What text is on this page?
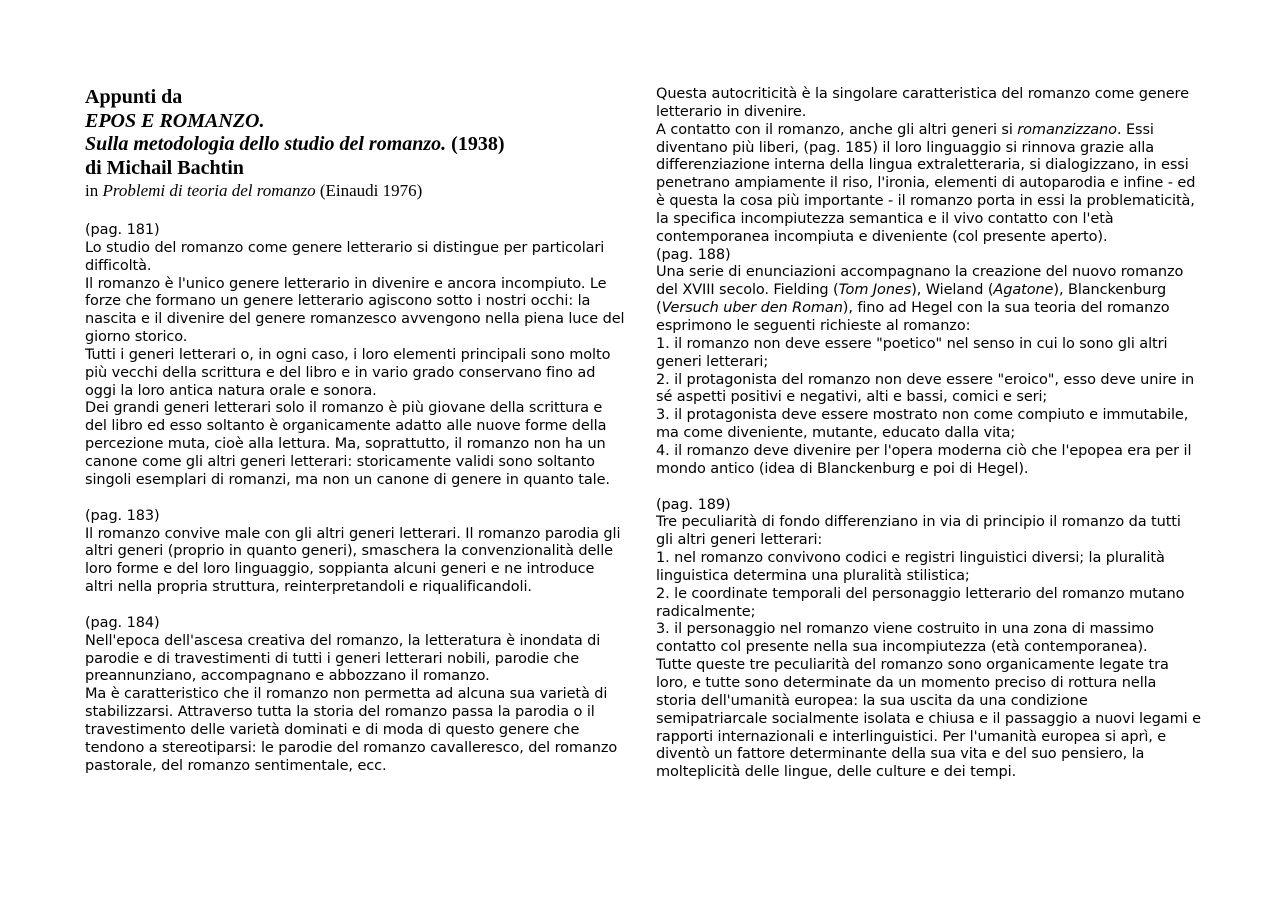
Appunti da
EPOS E ROMANZO.
Sulla metodologia dello studio del romanzo. (1938)
di Michail Bachtin
in Problemi di teoria del romanzo (Einaudi 1976)

(pag. 181)

Lo studio del romanzo come genere letterario si distingue per particolari difficoltà.

Il romanzo è l'unico genere letterario in divenire e ancora incompiuto. Le forze che formano un genere letterario agiscono sotto i nostri occhi: la nascita e il divenire del genere romanzesco avvengono nella piena luce del giorno storico.

Tutti i generi letterari o, in ogni caso, i loro elementi principali sono molto più vecchi della scrittura e del libro e in vario grado conservano fino ad oggi la loro antica natura orale e sonora.

Dei grandi generi letterari solo il romanzo è più giovane della scrittura e del libro ed esso soltanto è organicamente adatto alle nuove forme della percezione muta, cioè alla lettura. Ma, soprattutto, il romanzo non ha un canone come gli altri generi letterari: storicamente validi sono soltanto singoli esemplari di romanzi, ma non un canone di genere in quanto tale.

(pag. 183)

Il romanzo convive male con gli altri generi letterari. Il romanzo parodia gli altri generi (proprio in quanto generi), smaschera la convenzionalità delle loro forme e del loro linguaggio, soppianta alcuni generi e ne introduce altri nella propria struttura, reinterpretandoli e riqualificandoli.

(pag. 184)

Nell'epoca dell'ascesa creativa del romanzo, la letteratura è inondata di parodie e di travestimenti di tutti i generi letterari nobili, parodie che preannunziano, accompagnano e abbozzano il romanzo.

Ma è caratteristico che il romanzo non permetta ad alcuna sua varietà di stabilizzarsi. Attraverso tutta la storia del romanzo passa la parodia o il travestimento delle varietà dominati e di moda di questo genere che tendono a stereotiparsi: le parodie del romanzo cavalleresco, del romanzo pastorale, del romanzo sentimentale, ecc.

Questa autocriticità è la singolare caratteristica del romanzo come genere letterario in divenire.

A contatto con il romanzo, anche gli altri generi si romanzizzano. Essi diventano più liberi, (pag. 185) il loro linguaggio si rinnova grazie alla differenziazione interna della lingua extraletteraria, si dialogizzano, in essi penetrano ampiamente il riso, l'ironia, elementi di autoparodia e infine - ed è questa la cosa più importante - il romanzo porta in essi la problematicità, la specifica incompiutezza semantica e il vivo contatto con l'età contemporanea incompiuta e diveniente (col presente aperto).

(pag. 188)

Una serie di enunciazioni accompagnano la creazione del nuovo romanzo del XVIII secolo. Fielding (Tom Jones), Wieland (Agatone), Blanckenburg (Versuch uber den Roman), fino ad Hegel con la sua teoria del romanzo esprimono le seguenti richieste al romanzo:

1. il romanzo non deve essere "poetico" nel senso in cui lo sono gli altri generi letterari;

2. il protagonista del romanzo non deve essere "eroico", esso deve unire in sé aspetti positivi e negativi, alti e bassi, comici e seri;

3. il protagonista deve essere mostrato non come compiuto e immutabile, ma come diveniente, mutante, educato dalla vita;

4. il romanzo deve divenire per l'opera moderna ciò che l'epopea era per il mondo antico (idea di Blanckenburg e poi di Hegel).

(pag. 189)

Tre peculiarità di fondo differenziano in via di principio il romanzo da tutti gli altri generi letterari:

1. nel romanzo convivono codici e registri linguistici diversi; la pluralità linguistica determina una pluralità stilistica;

2. le coordinate temporali del personaggio letterario del romanzo mutano radicalmente;

3. il personaggio nel romanzo viene costruito in una zona di massimo contatto col presente nella sua incompiutezza (età contemporanea).

Tutte queste tre peculiarità del romanzo sono organicamente legate tra loro, e tutte sono determinate da un momento preciso di rottura nella storia dell'umanità europea: la sua uscita da una condizione semipatriarcale socialmente isolata e chiusa e il passaggio a nuovi legami e rapporti internazionali e interlinguistici. Per l'umanità europea si aprì, e diventò un fattore determinante della sua vita e del suo pensiero, la molteplicità delle lingue, delle culture e dei tempi.
